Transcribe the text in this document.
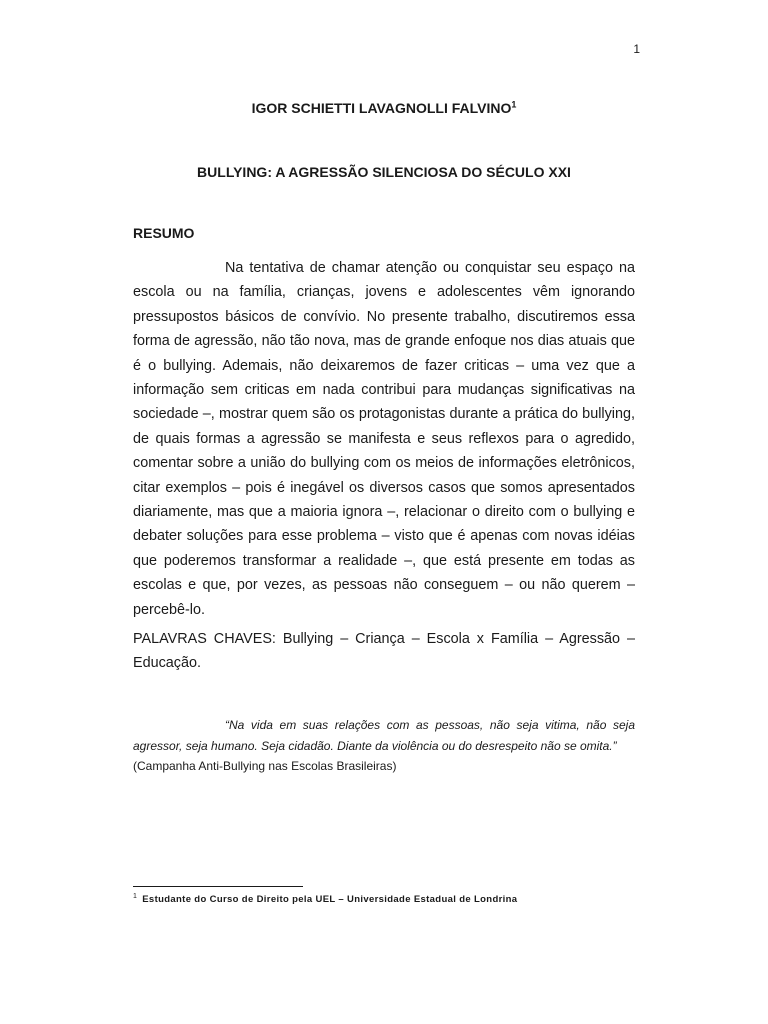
1
IGOR SCHIETTI LAVAGNOLLI FALVINO$^1$
BULLYING: A AGRESSÃO SILENCIOSA DO SÉCULO XXI
RESUMO

Na tentativa de chamar atenção ou conquistar seu espaço na escola ou na família, crianças, jovens e adolescentes vêm ignorando pressupostos básicos de convívio. No presente trabalho, discutiremos essa forma de agressão, não tão nova, mas de grande enfoque nos dias atuais que é o bullying. Ademais, não deixaremos de fazer criticas – uma vez que a informação sem criticas em nada contribui para mudanças significativas na sociedade –, mostrar quem são os protagonistas durante a prática do bullying, de quais formas a agressão se manifesta e seus reflexos para o agredido, comentar sobre a união do bullying com os meios de informações eletrônicos, citar exemplos – pois é inegável os diversos casos que somos apresentados diariamente, mas que a maioria ignora –, relacionar o direito com o bullying e debater soluções para esse problema – visto que é apenas com novas idéias que poderemos transformar a realidade –, que está presente em todas as escolas e que, por vezes, as pessoas não conseguem – ou não querem – percebê-lo.

PALAVRAS CHAVES: Bullying – Criança – Escola x Família – Agressão – Educação.

“Na vida em suas relações com as pessoas, não seja vitima, não seja agressor, seja humano. Seja cidadão. Diante da violência ou do desrespeito não se omita.”

(Campanha Anti-Bullying nas Escolas Brasileiras)
$^1$ Estudante do Curso de Direito pela UEL – Universidade Estadual de Londrina
